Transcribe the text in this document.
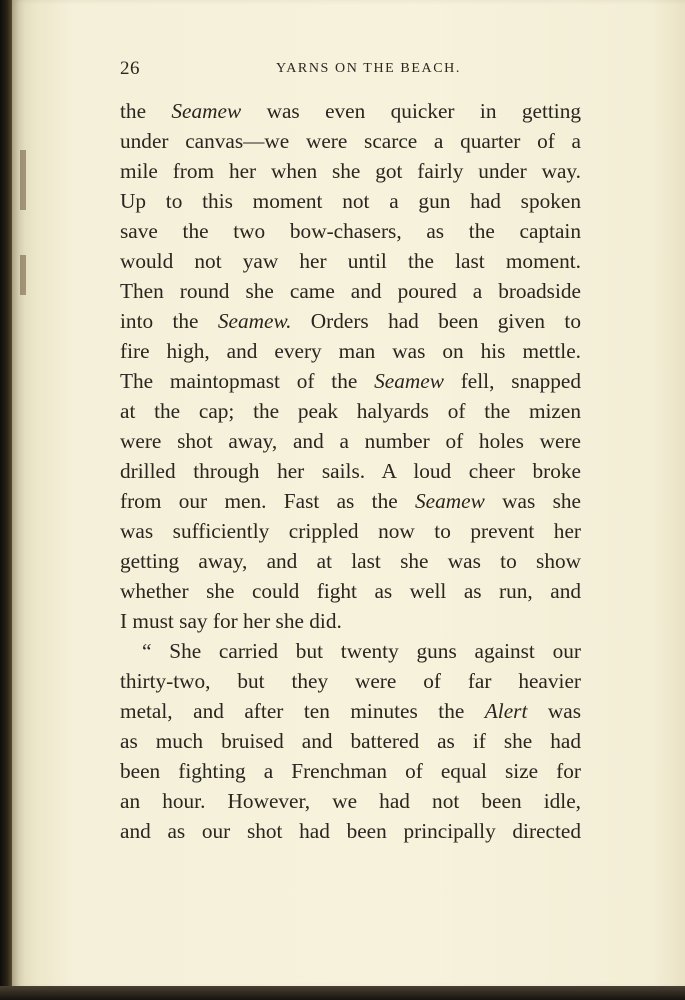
26	YARNS ON THE BEACH.
the Seamew was even quicker in getting
under canvas—we were scarce a quarter of a
mile from her when she got fairly under way.
Up to this moment not a gun had spoken
save the two bow-chasers, as the captain
would not yaw her until the last moment.
Then round she came and poured a broadside
into the Seamew. Orders had been given to
fire high, and every man was on his mettle.
The maintopmast of the Seamew fell, snapped
at the cap; the peak halyards of the mizen
were shot away, and a number of holes were
drilled through her sails. A loud cheer broke
from our men. Fast as the Seamew was she
was sufficiently crippled now to prevent her
getting away, and at last she was to show
whether she could fight as well as run, and
I must say for her she did.
“ She carried but twenty guns against our
thirty-two, but they were of far heavier
metal, and after ten minutes the Alert was
as much bruised and battered as if she had
been fighting a Frenchman of equal size for
an hour. However, we had not been idle,
and as our shot had been principally directed
